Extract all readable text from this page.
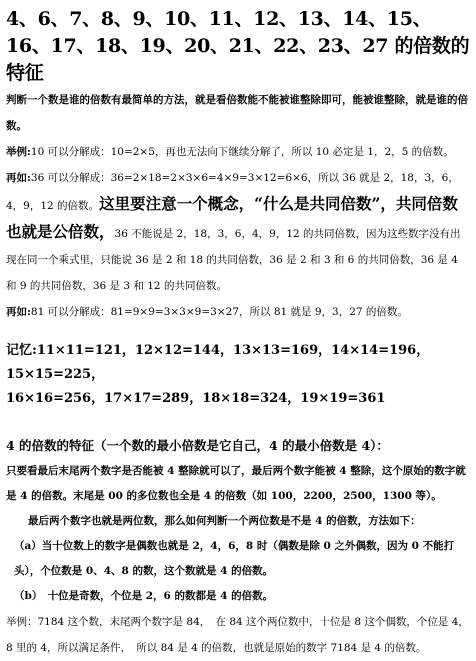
4、6、7、8、9、10、11、12、13、14、15、16、17、18、19、20、21、22、23、27 的倍数的特征

判断一个数是谁的倍数有最简单的方法，就是看倍数能不能被谁整除即可，能被谁整除，就是谁的倍数。

举例:10 可以分解成：10=2×5，再也无法向下继续分解了，所以 10 必定是 1，2，5 的倍数。

再如:36 可以分解成：36=2×18=2×3×6=4×9=3×12=6×6，所以 36 就是 2，18，3，6，4，9，12 的倍数。这里要注意一个概念，“什么是共同倍数”，共同倍数也就是公倍数，36 不能说是 2，18，3，6，4，9，12 的共同倍数，因为这些数字没有出现在同一个乘式里，只能说 36 是 2 和 18 的共同倍数，36 是 2 和 3 和 6 的共同倍数，36 是 4 和 9 的共同倍数，36 是 3 和 12 的共同倍数。

再如:81 可以分解成：81=9×9=3×3×9=3×27，所以 81 就是 9，3，27 的倍数。

记忆:11×11=121，12×12=144，13×13=169，14×14=196，15×15=225，

16×16=256，17×17=289，18×18=324，19×19=361

4 的倍数的特征（一个数的最小倍数是它自己，4 的最小倍数是 4）：

只要看最后末尾两个数字是否能被 4 整除就可以了，最后两个数字能被 4 整除，这个原始的数字就是 4 的倍数。末尾是 00 的多位数也全是 4 的倍数（如 100，2200，2500，1300 等）。

最后两个数字也就是两位数，那么如何判断一个两位数是不是 4 的倍数，方法如下：

（a）当十位数上的数字是偶数也就是 2，4，6，8 时（偶数是除 0 之外偶数，因为 0 不能打头），个位数是 0、4、8 的数，这个数就是 4 的倍数。

（b）　十位是奇数，个位是 2，6 的数都是 4 的倍数。

举例：7184 这个数，末尾两个数字是 84，　在 84 这个两位数中，十位是 8 这个偶数，个位是 4，8 里的 4，所以满足条件，　所以 84 是 4 的倍数，也就是原始的数字 7184 是 4 的倍数。
